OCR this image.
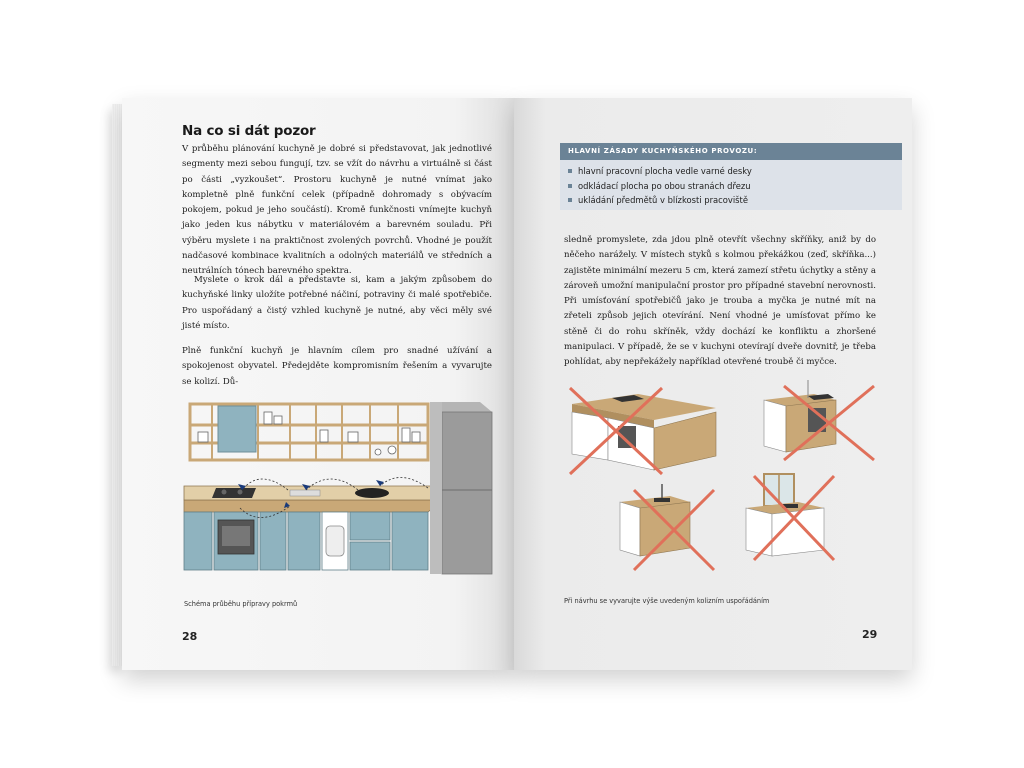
Na co si dát pozor

V průběhu plánování kuchyně je dobré si představovat, jak jednotlivé segmenty mezi sebou fungují, tzv. se vžít do návrhu a virtuálně si část po části „vyzkoušet“. Prostoru kuchyně je nutné vnímat jako kompletně plně funkční celek (případně dohromady s obývacím pokojem, pokud je jeho součástí). Kromě funkčnosti vnímejte kuchyň jako jeden kus nábytku v materiálovém a barevném souladu. Při výběru myslete i na praktičnost zvolených povrchů. Vhodné je použít nadčasové kombinace kvalitních a odolných materiálů ve středních a neutrálních tónech barevného spektra.

Myslete o krok dál a představte si, kam a jakým způsobem do kuchyňské linky uložíte potřebné náčiní, potraviny či malé spotřebiče. Pro uspořádaný a čistý vzhled kuchyně je nutné, aby věci měly své jisté místo.

Plně funkční kuchyň je hlavním cílem pro snadné užívání a spokojenost obyvatel. Předejděte kompromisním řešením a vyvarujte se kolizí. Dů-

Schéma průběhu přípravy pokrmů
28
HLAVNÍ ZÁSADY KUCHYŇSKÉHO PROVOZU:
hlavní pracovní plocha vedle varné desky
odkládací plocha po obou stranách dřezu
ukládání předmětů v blízkosti pracoviště

sledně promyslete, zda jdou plně otevřít všechny skříňky, aniž by do něčeho narážely. V místech styků s kolmou překážkou (zeď, skříňka...) zajistěte minimální mezeru 5 cm, která zamezí střetu úchytky a stěny a zároveň umožní manipulační prostor pro případné stavební nerovnosti. Při umísťování spotřebičů jako je trouba a myčka je nutné mít na zřeteli způsob jejich otevírání. Není vhodné je umísťovat přímo ke stěně či do rohu skříněk, vždy dochází ke konfliktu a zhoršené manipulaci. V případě, že se v kuchyni otevírají dveře dovnitř, je třeba pohlídat, aby nepřekážely například otevřené troubě či myčce.

Při návrhu se vyvarujte výše uvedeným kolizním uspořádáním
29
